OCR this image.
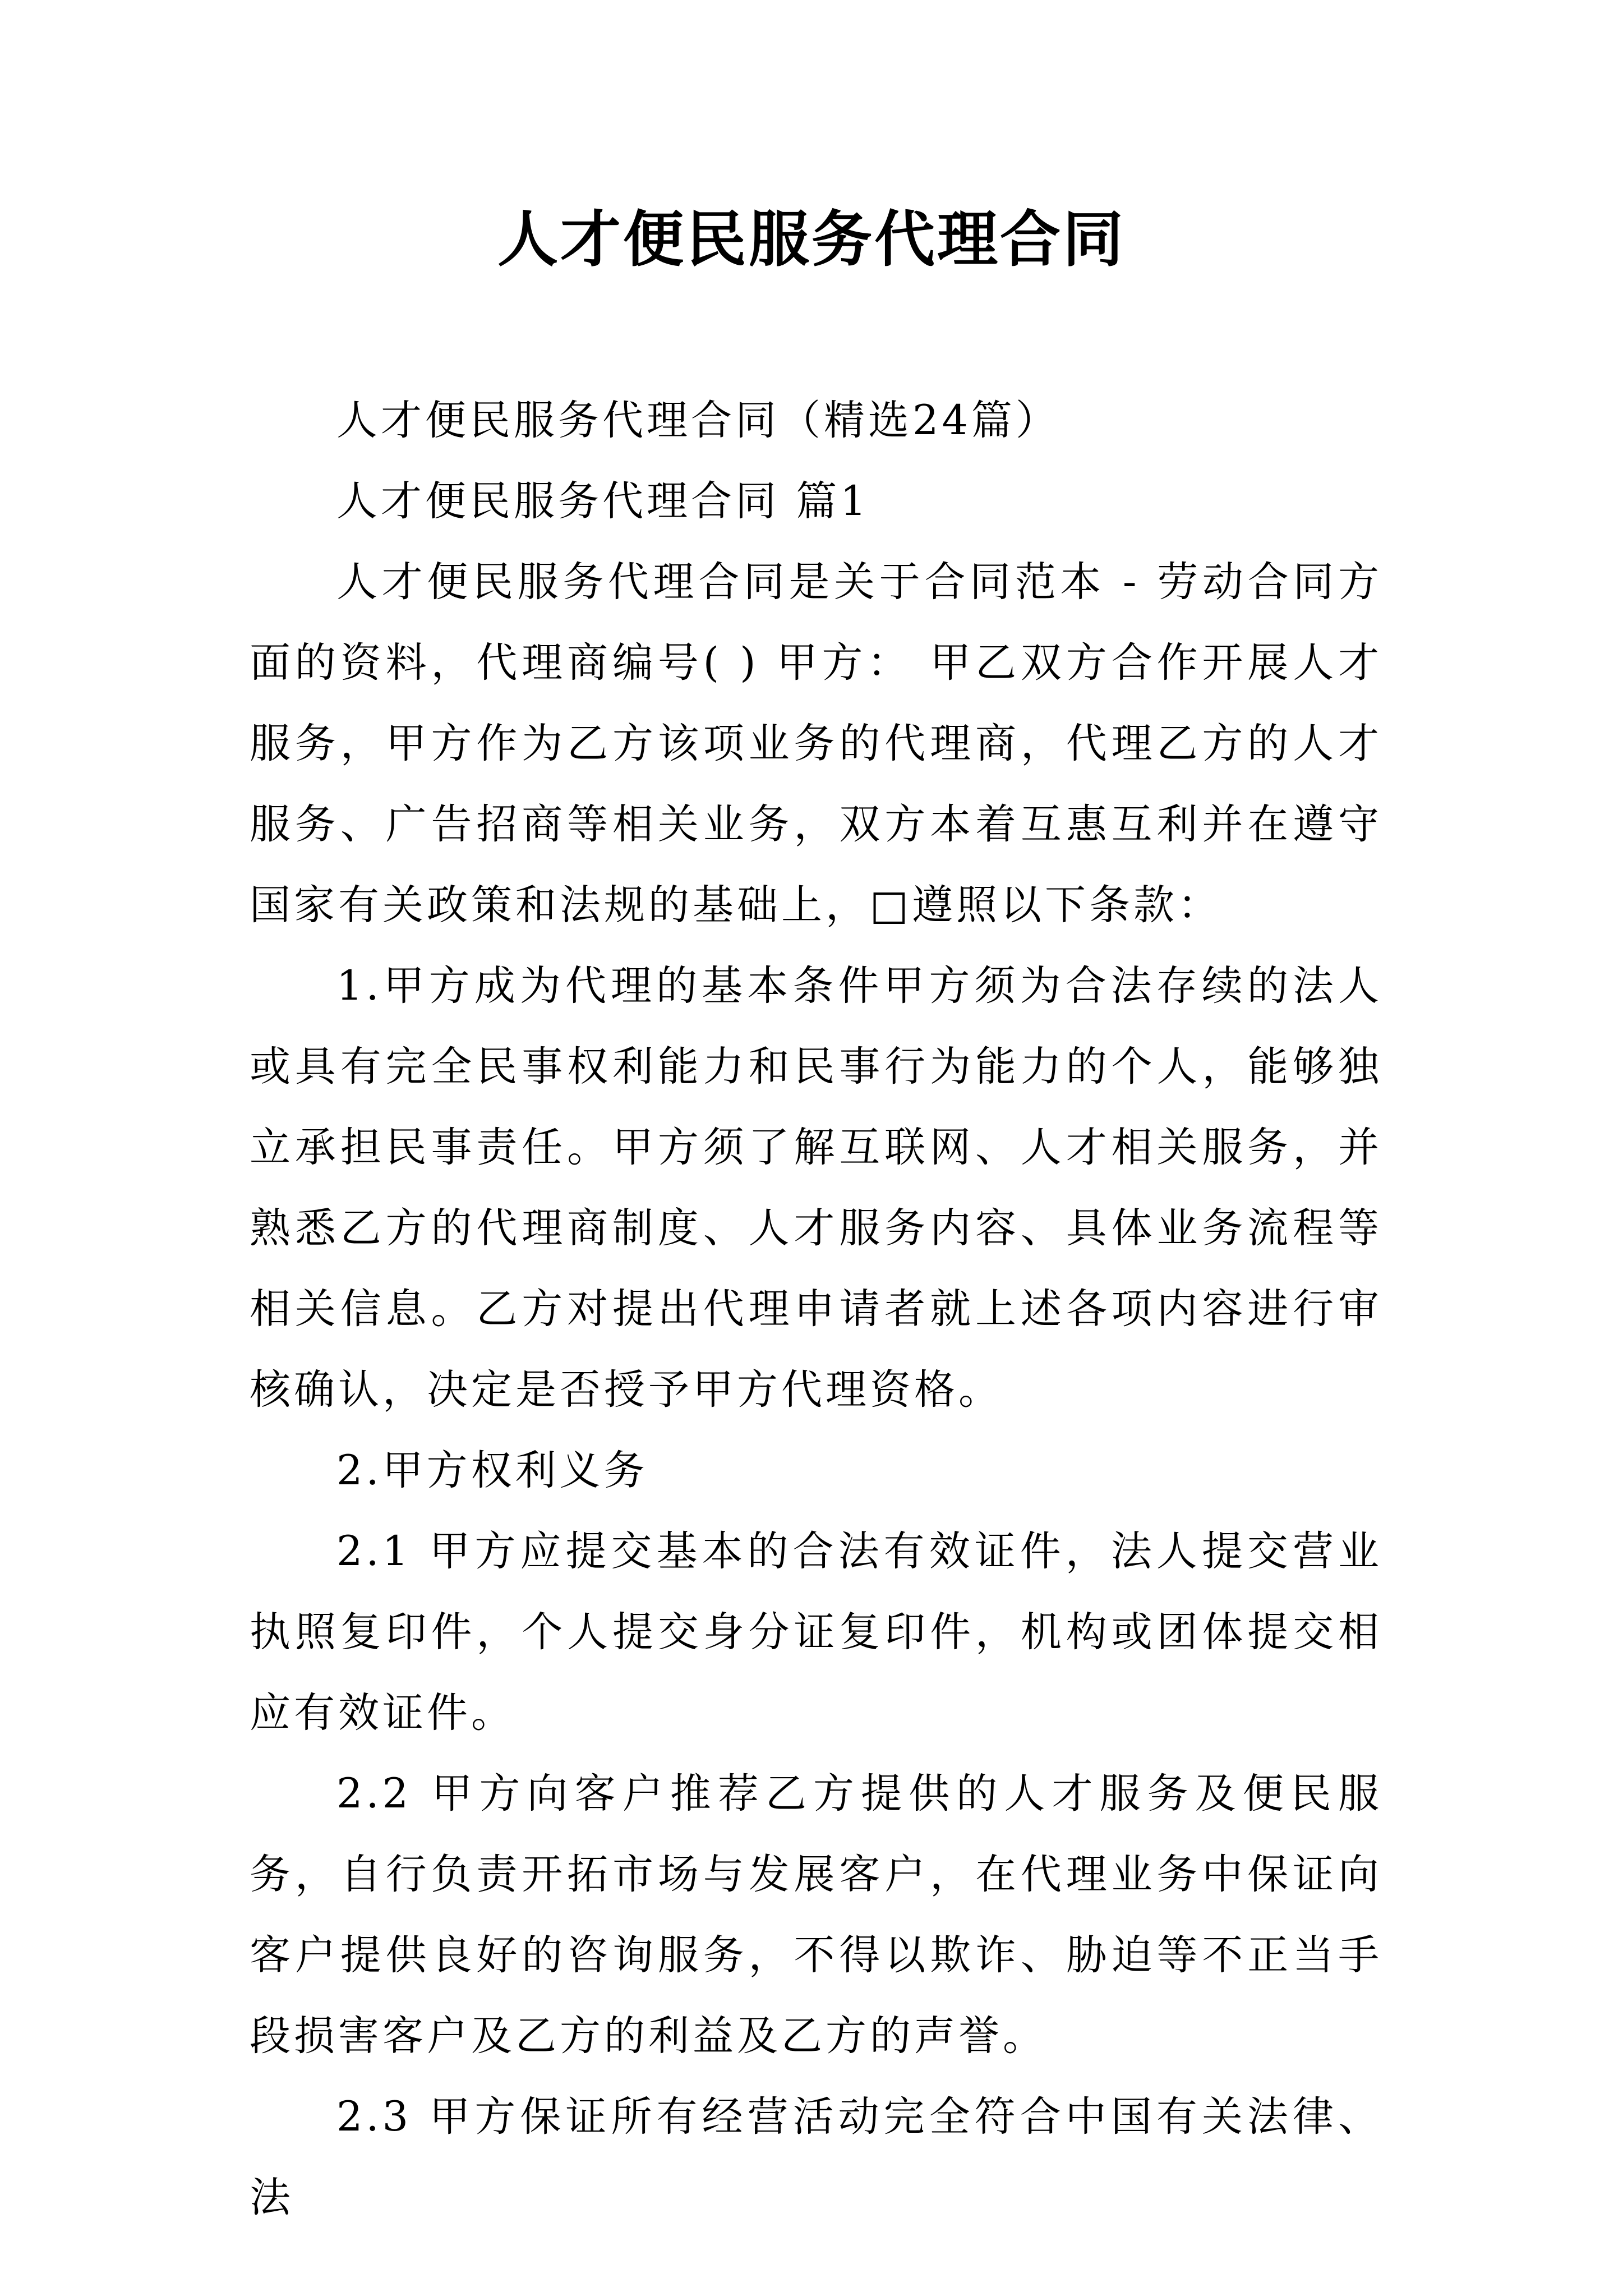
人才便民服务代理合同

人才便民服务代理合同（精选24篇）

人才便民服务代理合同 篇1

人才便民服务代理合同是关于合同范本 - 劳动合同方面的资料，代理商编号( ) 甲方： 甲乙双方合作开展人才服务，甲方作为乙方该项业务的代理商，代理乙方的人才服务、广告招商等相关业务，双方本着互惠互利并在遵守国家有关政策和法规的基础上，□遵照以下条款：

1.甲方成为代理的基本条件甲方须为合法存续的法人或具有完全民事权利能力和民事行为能力的个人，能够独立承担民事责任。甲方须了解互联网、人才相关服务，并熟悉乙方的代理商制度、人才服务内容、具体业务流程等相关信息。乙方对提出代理申请者就上述各项内容进行审核确认，决定是否授予甲方代理资格。

2.甲方权利义务

2.1 甲方应提交基本的合法有效证件，法人提交营业执照复印件，个人提交身分证复印件，机构或团体提交相应有效证件。

2.2 甲方向客户推荐乙方提供的人才服务及便民服务，自行负责开拓市场与发展客户，在代理业务中保证向客户提供良好的咨询服务，不得以欺诈、胁迫等不正当手段损害客户及乙方的利益及乙方的声誉。

2.3 甲方保证所有经营活动完全符合中国有关法律、法
